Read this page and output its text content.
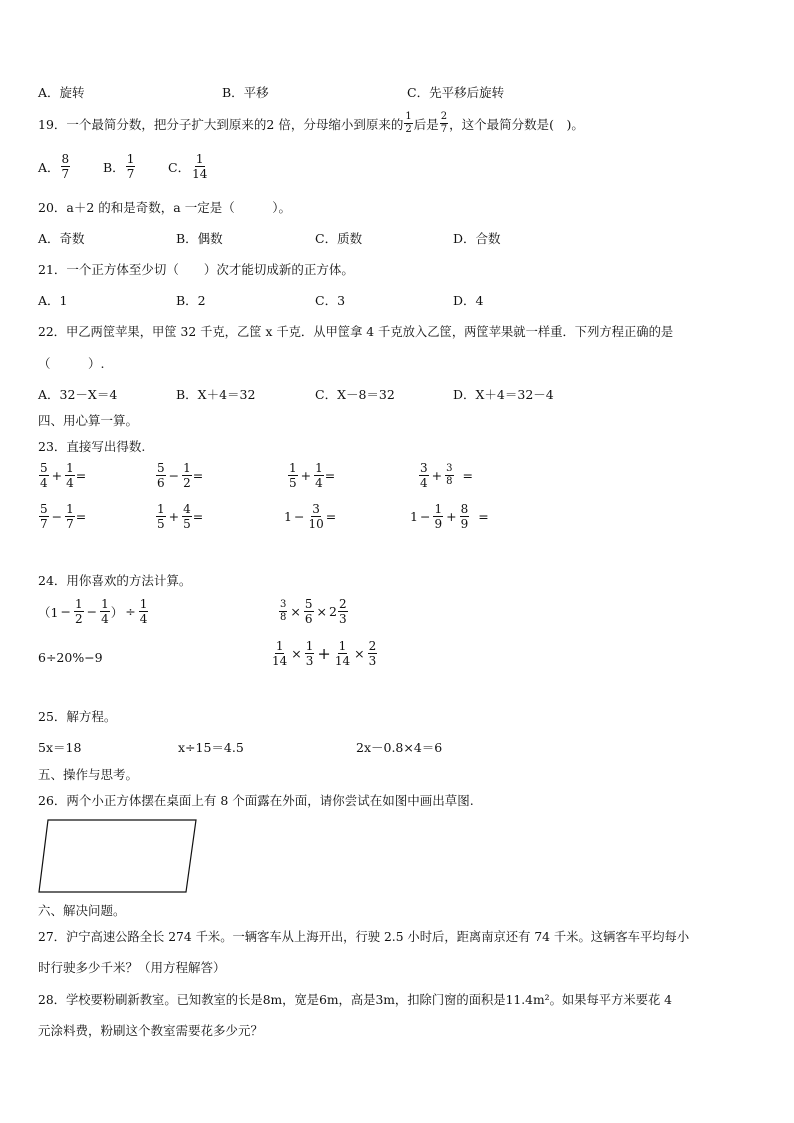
A．旋转	B．平移	C．先平移后旋转
19．一个最简分数，把分子扩大到原来的2 倍，分母缩小到原来的 $\frac{1}{2}$ 后是 $\frac{2}{7}$ ，这个最简分数是(　)。
A． $\frac{8}{7}$	B． $\frac{1}{7}$	C． $\frac{1}{14}$
20．a＋2 的和是奇数，a 一定是（　　　）。
A．奇数	B．偶数	C．质数	D．合数
21．一个正方体至少切（　　）次才能切成新的正方体。
A．1	B．2	C．3	D．4
22．甲乙两筐苹果，甲筐 32 千克，乙筐 x 千克．从甲筐拿 4 千克放入乙筐，两筐苹果就一样重．下列方程正确的是
（　　　）.
A．32－X＝4	B．X＋4＝32	C．X－8＝32	D．X＋4＝32－4
四、用心算一算。
23．直接写出得数.
$\frac{5}{4} + \frac{1}{4}$ =	$\frac{5}{6} - \frac{1}{2}$ =	$\frac{1}{5} + \frac{1}{4}$ =	$\frac{3}{4} + \frac{3}{8}$ =
$\frac{5}{7} - \frac{1}{7}$ =	$\frac{1}{5} + \frac{4}{5}$ =	$1 - \frac{3}{10}$ =	$1 - \frac{1}{9} + \frac{8}{9}$ =
24．用你喜欢的方法计算。
（$1 - \frac{1}{2} - \frac{1}{4}$ ） ÷ $\frac{1}{4}$	$\frac{3}{8} \times \frac{5}{6} \times 2 \frac{2}{3}$
6÷20%−9	$\frac{1}{14} \times \frac{1}{3} + \frac{1}{14} \times \frac{2}{3}$
25．解方程。
5x＝18	x÷15＝4.5	2x－0.8×4＝6
五、操作与思考。
26．两个小正方体摆在桌面上有 8 个面露在外面，请你尝试在如图中画出草图.
六、解决问题。
27．沪宁高速公路全长 274 千米。一辆客车从上海开出，行驶 2.5 小时后，距离南京还有 74 千米。这辆客车平均每小
时行驶多少千米？（用方程解答）
28．学校要粉刷新教室。已知教室的长是8m，宽是6m，高是3m，扣除门窗的面积是11.4m²。如果每平方米要花 4
元涂料费，粉刷这个教室需要花多少元？
